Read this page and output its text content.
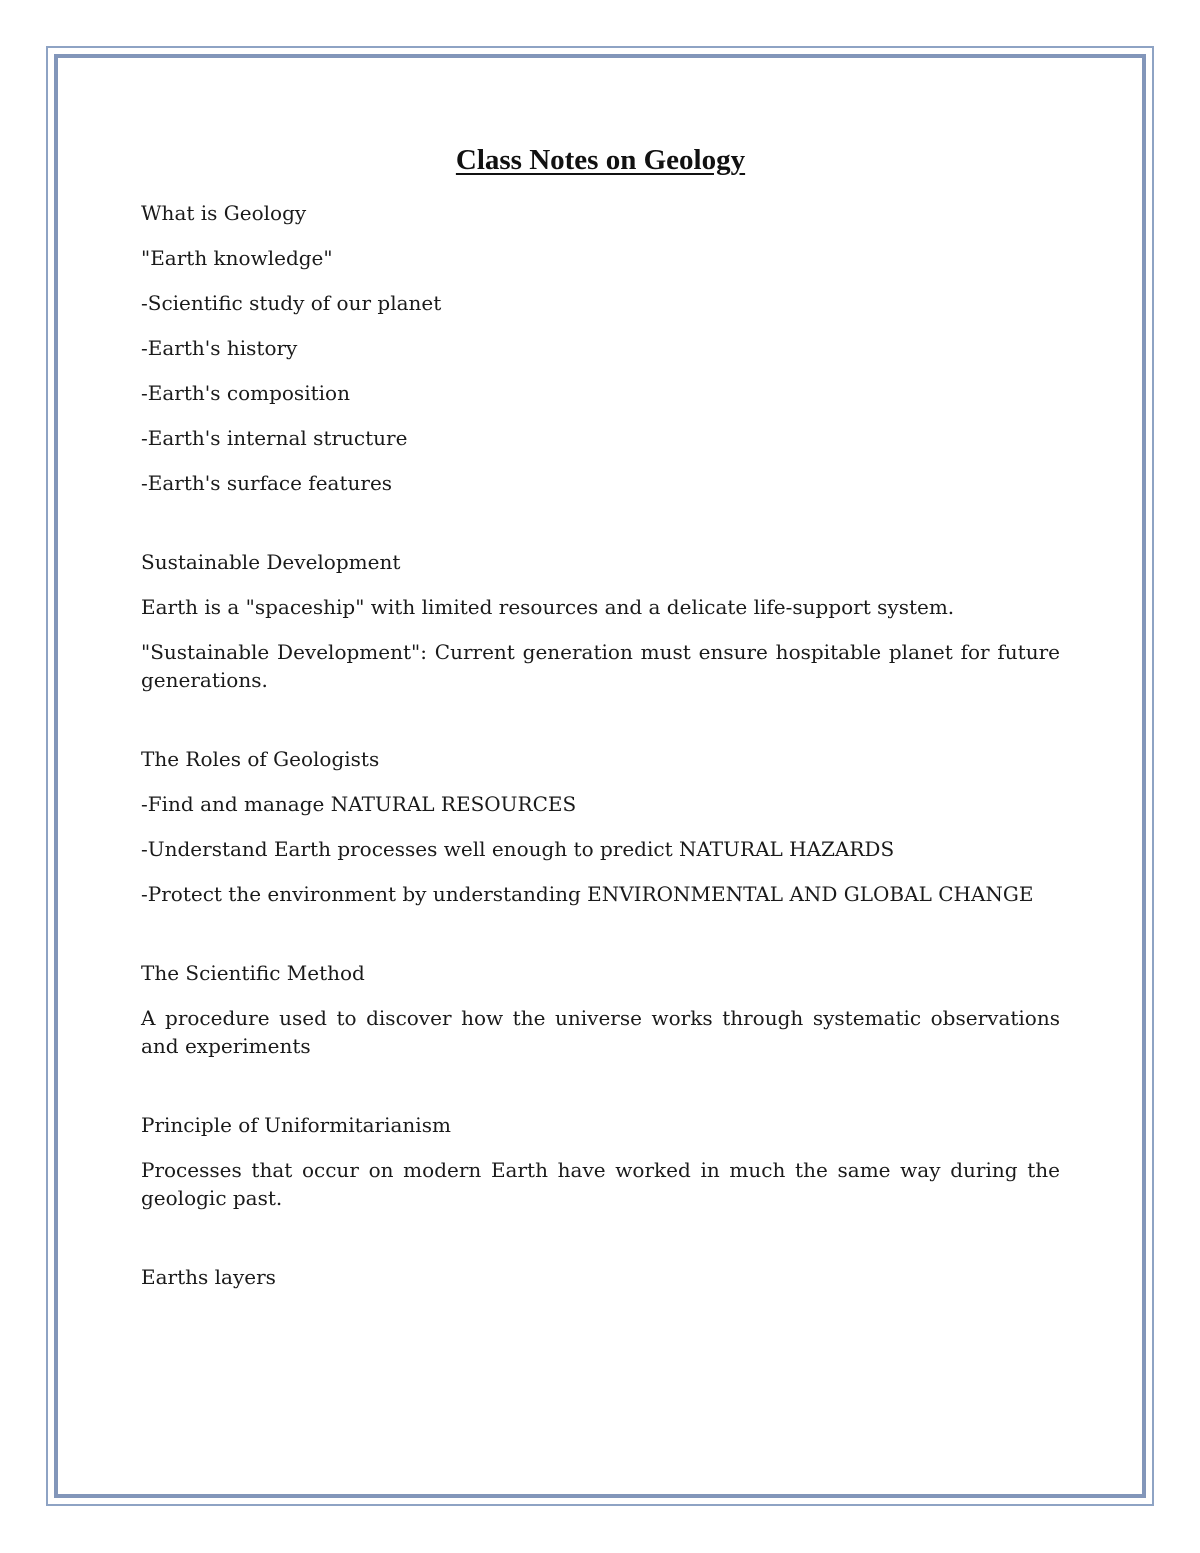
Class Notes on Geology
What is Geology
"Earth knowledge"
-Scientific study of our planet
-Earth's history
-Earth's composition
-Earth's internal structure
-Earth's surface features
Sustainable Development
Earth is a "spaceship" with limited resources and a delicate life-support system.
"Sustainable Development": Current generation must ensure hospitable planet for future generations.
The Roles of Geologists
-Find and manage NATURAL RESOURCES
-Understand Earth processes well enough to predict NATURAL HAZARDS
-Protect the environment by understanding ENVIRONMENTAL AND GLOBAL CHANGE
The Scientific Method
A procedure used to discover how the universe works through systematic observations and experiments
Principle of Uniformitarianism
Processes that occur on modern Earth have worked in much the same way during the geologic past.
Earths layers
